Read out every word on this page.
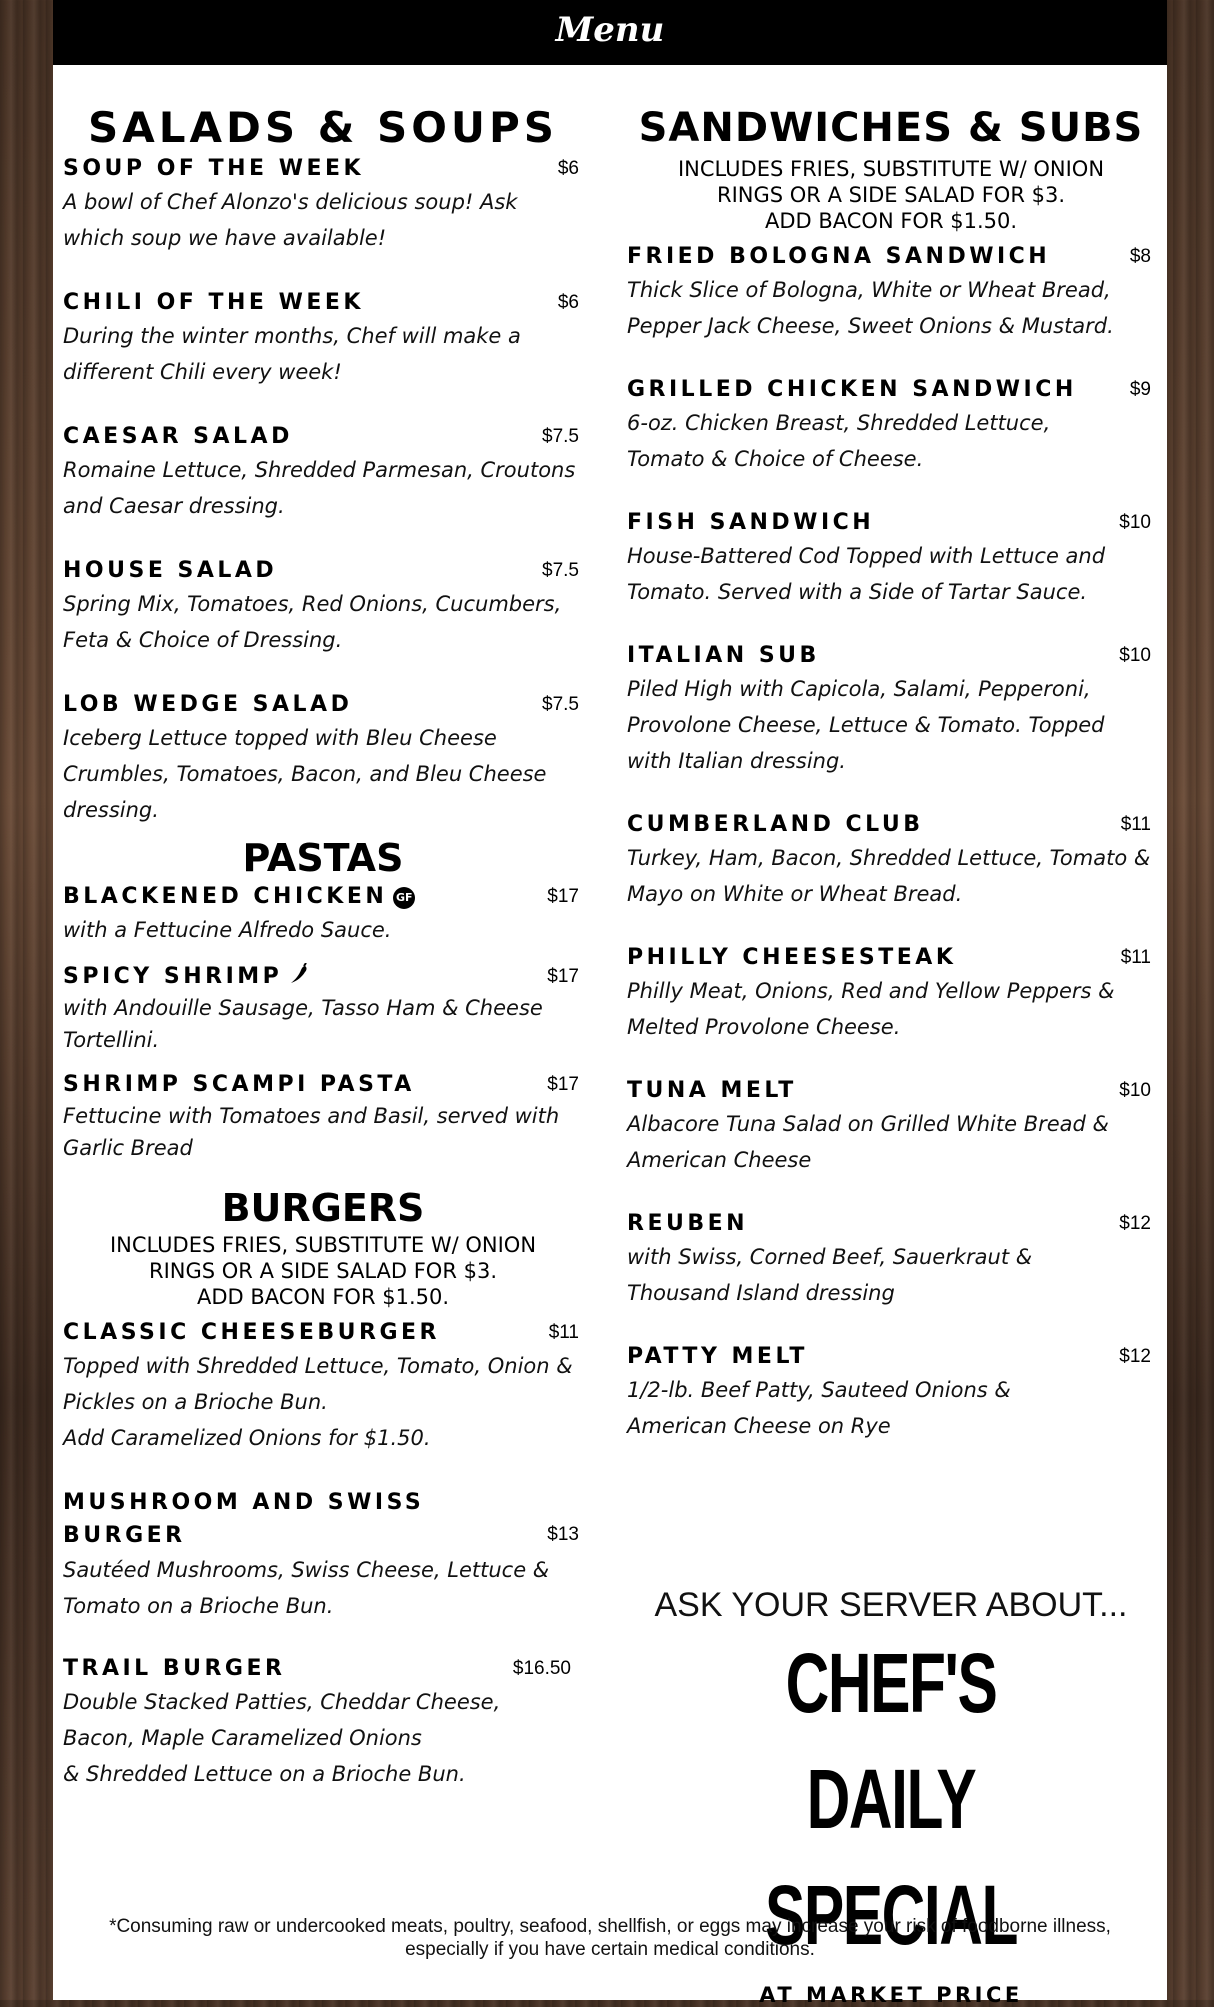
Menu
SALADS & SOUPS
SOUP OF THE WEEK	$6

A bowl of Chef Alonzo's delicious soup! Ask which soup we have available!

CHILI OF THE WEEK	$6

During the winter months, Chef will make a different Chili every week!

CAESAR SALAD	$7.5

Romaine Lettuce, Shredded Parmesan, Croutons and Caesar dressing.

HOUSE SALAD	$7.5

Spring Mix, Tomatoes, Red Onions, Cucumbers, Feta & Choice of Dressing.

LOB WEDGE SALAD	$7.5

Iceberg Lettuce topped with Bleu Cheese Crumbles, Tomatoes, Bacon, and Bleu Cheese dressing.

PASTAS
BLACKENED CHICKEN GF	$17

with a Fettucine Alfredo Sauce.

SPICY SHRIMP	$17

with Andouille Sausage, Tasso Ham & Cheese Tortellini.

SHRIMP SCAMPI PASTA	$17

Fettucine with Tomatoes and Basil, served with Garlic Bread

BURGERS

INCLUDES FRIES, SUBSTITUTE W/ ONION
RINGS OR A SIDE SALAD FOR $3.
ADD BACON FOR $1.50.

CLASSIC CHEESEBURGER	$11

Topped with Shredded Lettuce, Tomato, Onion & Pickles on a Brioche Bun.

Add Caramelized Onions for $1.50.

MUSHROOM AND SWISS BURGER	$13

Sautéed Mushrooms, Swiss Cheese, Lettuce & Tomato on a Brioche Bun.

TRAIL BURGER	$16.50

Double Stacked Patties, Cheddar Cheese, Bacon, Maple Caramelized Onions

& Shredded Lettuce on a Brioche Bun.

SANDWICHES & SUBS

INCLUDES FRIES, SUBSTITUTE W/ ONION
RINGS OR A SIDE SALAD FOR $3.
ADD BACON FOR $1.50.

FRIED BOLOGNA SANDWICH	$8

Thick Slice of Bologna, White or Wheat Bread, Pepper Jack Cheese, Sweet Onions & Mustard.

GRILLED CHICKEN SANDWICH	$9

6-oz. Chicken Breast, Shredded Lettuce, Tomato & Choice of Cheese.

FISH SANDWICH	$10

House-Battered Cod Topped with Lettuce and Tomato. Served with a Side of Tartar Sauce.

ITALIAN SUB	$10

Piled High with Capicola, Salami, Pepperoni, Provolone Cheese, Lettuce & Tomato. Topped with Italian dressing.

CUMBERLAND CLUB	$11

Turkey, Ham, Bacon, Shredded Lettuce, Tomato & Mayo on White or Wheat Bread.

PHILLY CHEESESTEAK	$11

Philly Meat, Onions, Red and Yellow Peppers & Melted Provolone Cheese.

TUNA MELT	$10

Albacore Tuna Salad on Grilled White Bread & American Cheese

REUBEN	$12

with Swiss, Corned Beef, Sauerkraut & Thousand Island dressing

PATTY MELT	$12

1/2-lb. Beef Patty, Sauteed Onions & American Cheese on Rye

ASK YOUR SERVER ABOUT...
CHEF'S DAILY
SPECIAL
AT MARKET PRICE
*Consuming raw or undercooked meats, poultry, seafood, shellfish, or eggs may increase your risk of foodborne illness, especially if you have certain medical conditions.
